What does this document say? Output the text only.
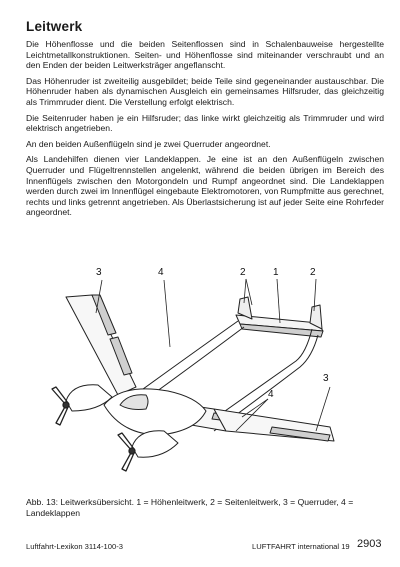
Leitwerk

Die Höhenflosse und die beiden Seitenflossen sind in Schalenbauweise hergestellte Leichtmetallkonstruktionen. Seiten- und Höhenflosse sind miteinander verschraubt und an den Enden der beiden Leitwerksträger angeflanscht.

Das Höhenruder ist zweiteilig ausgebildet; beide Teile sind gegeneinander austauschbar. Die Höhenruder haben als dynamischen Ausgleich ein gemeinsames Hilfsruder, das gleichzeitig als Trimmruder dient. Die Verstellung erfolgt elektrisch.

Die Seitenruder haben je ein Hilfsruder; das linke wirkt gleichzeitig als Trimmruder und wird elektrisch angetrieben.

An den beiden Außenflügeln sind je zwei Querruder angeordnet.

Als Landehilfen dienen vier Landeklappen. Je eine ist an den Außenflügeln zwischen Querruder und Flügeltrennstellen angelenkt, während die beiden übrigen im Bereich des Innenflügels zwischen den Motorgondeln und Rumpf angeordnet sind. Die Landeklappen werden durch zwei im Innenflügel eingebaute Elektromotoren, von Rumpfmitte aus gerechnet, rechts und links getrennt angetrieben. Als Überlastsicherung ist auf jeder Seite eine Rohrfeder angeordnet.

3	4	2	1	2
3
4

Abb. 13: Leitwerksübersicht. 1 = Höhenleitwerk, 2 = Seitenleitwerk, 3 = Querruder, 4 = Landeklappen

Luftfahrt-Lexikon 3114-100-3	LUFTFAHRT international 19 2903
